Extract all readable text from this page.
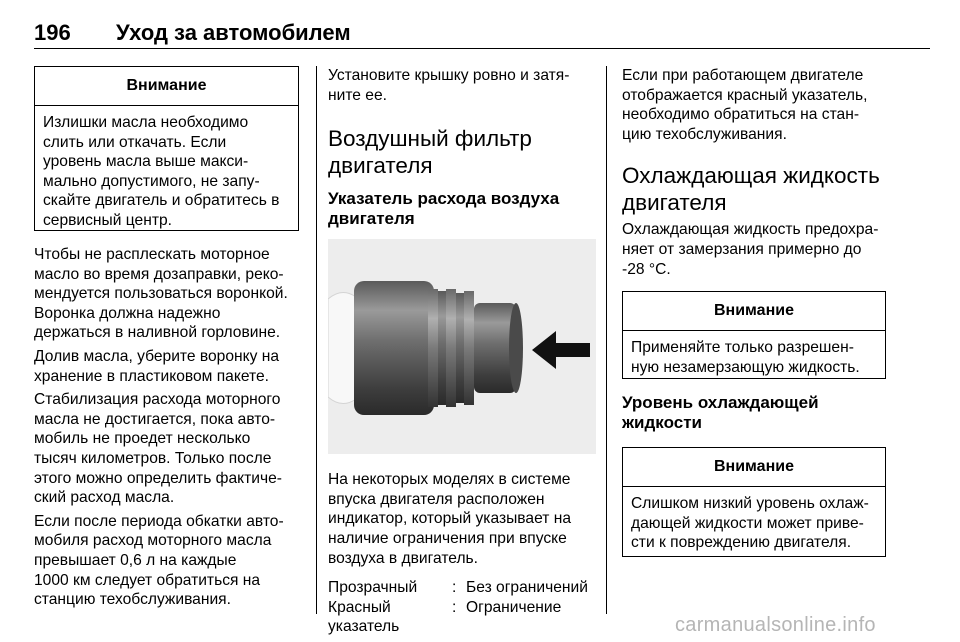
196 Уход за автомобилем
Внимание
Излишки масла необходимо
слить или откачать. Если
уровень масла выше макси-
мально допустимого, не запу-
скайте двигатель и обратитесь в
сервисный центр.
Чтобы не расплескать моторное
масло во время дозаправки, реко-
мендуется пользоваться воронкой.
Воронка должна надежно
держаться в наливной горловине.
Долив масла, уберите воронку на
хранение в пластиковом пакете.
Стабилизация расхода моторного
масла не достигается, пока авто-
мобиль не проедет несколько
тысяч километров. Только после
этого можно определить фактиче-
ский расход масла.
Если после периода обкатки авто-
мобиля расход моторного масла
превышает 0,6 л на каждые
1000 км следует обратиться на
станцию техобслуживания.
Установите крышку ровно и затя-
ните ее.
Воздушный фильтр
двигателя
Указатель расхода воздуха
двигателя
На некоторых моделях в системе
впуска двигателя расположен
индикатор, который указывает на
наличие ограничения при впуске
воздуха в двигатель.
Прозрачный : Без ограничений
Красный	: Ограничение
указатель
Если при работающем двигателе
отображается красный указатель,
необходимо обратиться на стан-
цию техобслуживания.
Охлаждающая жидкость
двигателя
Охлаждающая жидкость предохра-
няет от замерзания примерно до
-28 °C.
Внимание
Применяйте только разрешен-
ную незамерзающую жидкость.
Уровень охлаждающей
жидкости
Внимание
Слишком низкий уровень охлаж-
дающей жидкости может приве-
сти к повреждению двигателя.
carmanualsonline.info
